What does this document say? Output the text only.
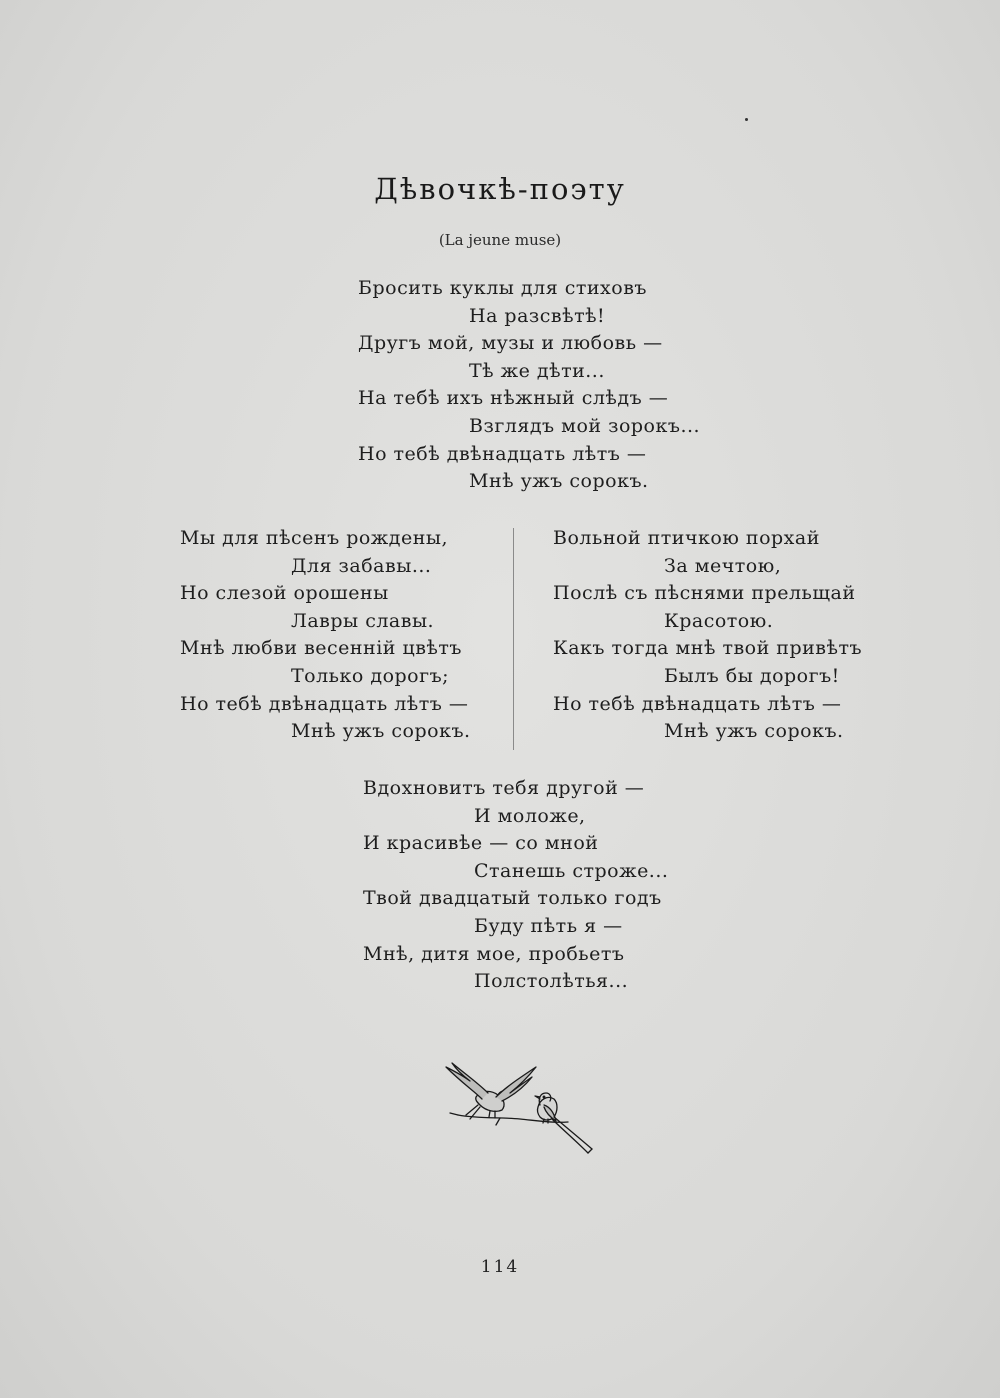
Дѣвочкѣ-поэту
(La jeune muse)
Бросить куклы для стиховъ
На разсвѣтѣ!
Другъ мой, музы и любовь —
Тѣ же дѣти...
На тебѣ ихъ нѣжный слѣдъ —
Взглядъ мой зорокъ...
Но тебѣ двѣнадцать лѣтъ —
Мнѣ ужъ сорокъ.
Мы для пѣсенъ рождены,
Для забавы...
Но слезой орошены
Лавры славы.
Мнѣ любви весенній цвѣтъ
Только дорогъ;
Но тебѣ двѣнадцать лѣтъ —
Мнѣ ужъ сорокъ.
Вольной птичкою порхай
За мечтою,
Послѣ съ пѣснями прельщай
Красотою.
Какъ тогда мнѣ твой привѣтъ
Былъ бы дорогъ!
Но тебѣ двѣнадцать лѣтъ —
Мнѣ ужъ сорокъ.
Вдохновитъ тебя другой —
И моложе,
И красивѣе — со мной
Станешь строже...
Твой двадцатый только годъ
Буду пѣть я —
Мнѣ, дитя мое, пробьетъ
Полстолѣтья...
114
